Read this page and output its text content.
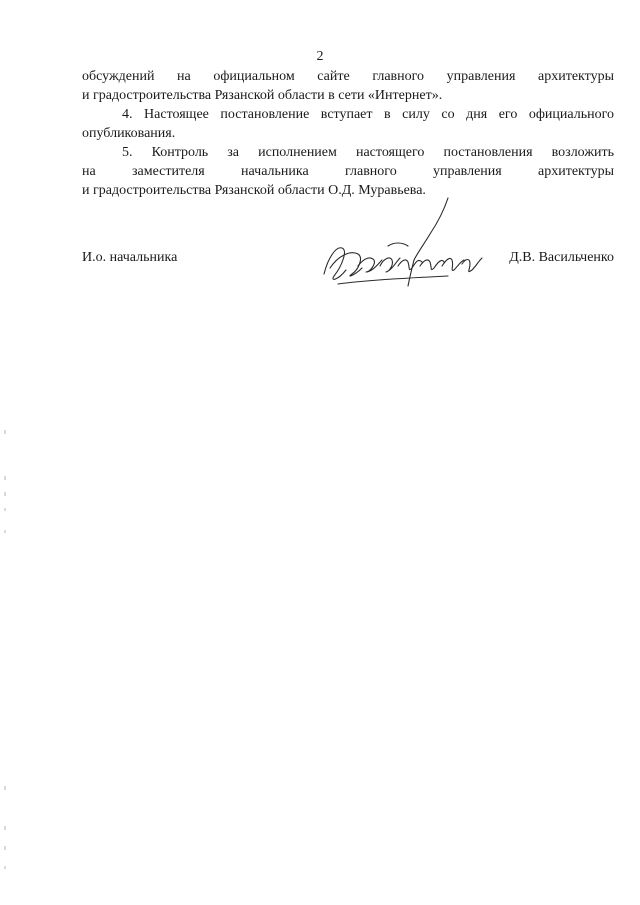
2
обсуждений на официальном сайте главного управления архитектуры
и градостроительства Рязанской области в сети «Интернет».
4. Настоящее постановление вступает в силу со дня его официального
опубликования.
5. Контроль за исполнением настоящего постановления возложить
на заместителя начальника главного управления архитектуры
и градостроительства Рязанской области О.Д. Муравьева.
И.о. начальника	Д.В. Васильченко
